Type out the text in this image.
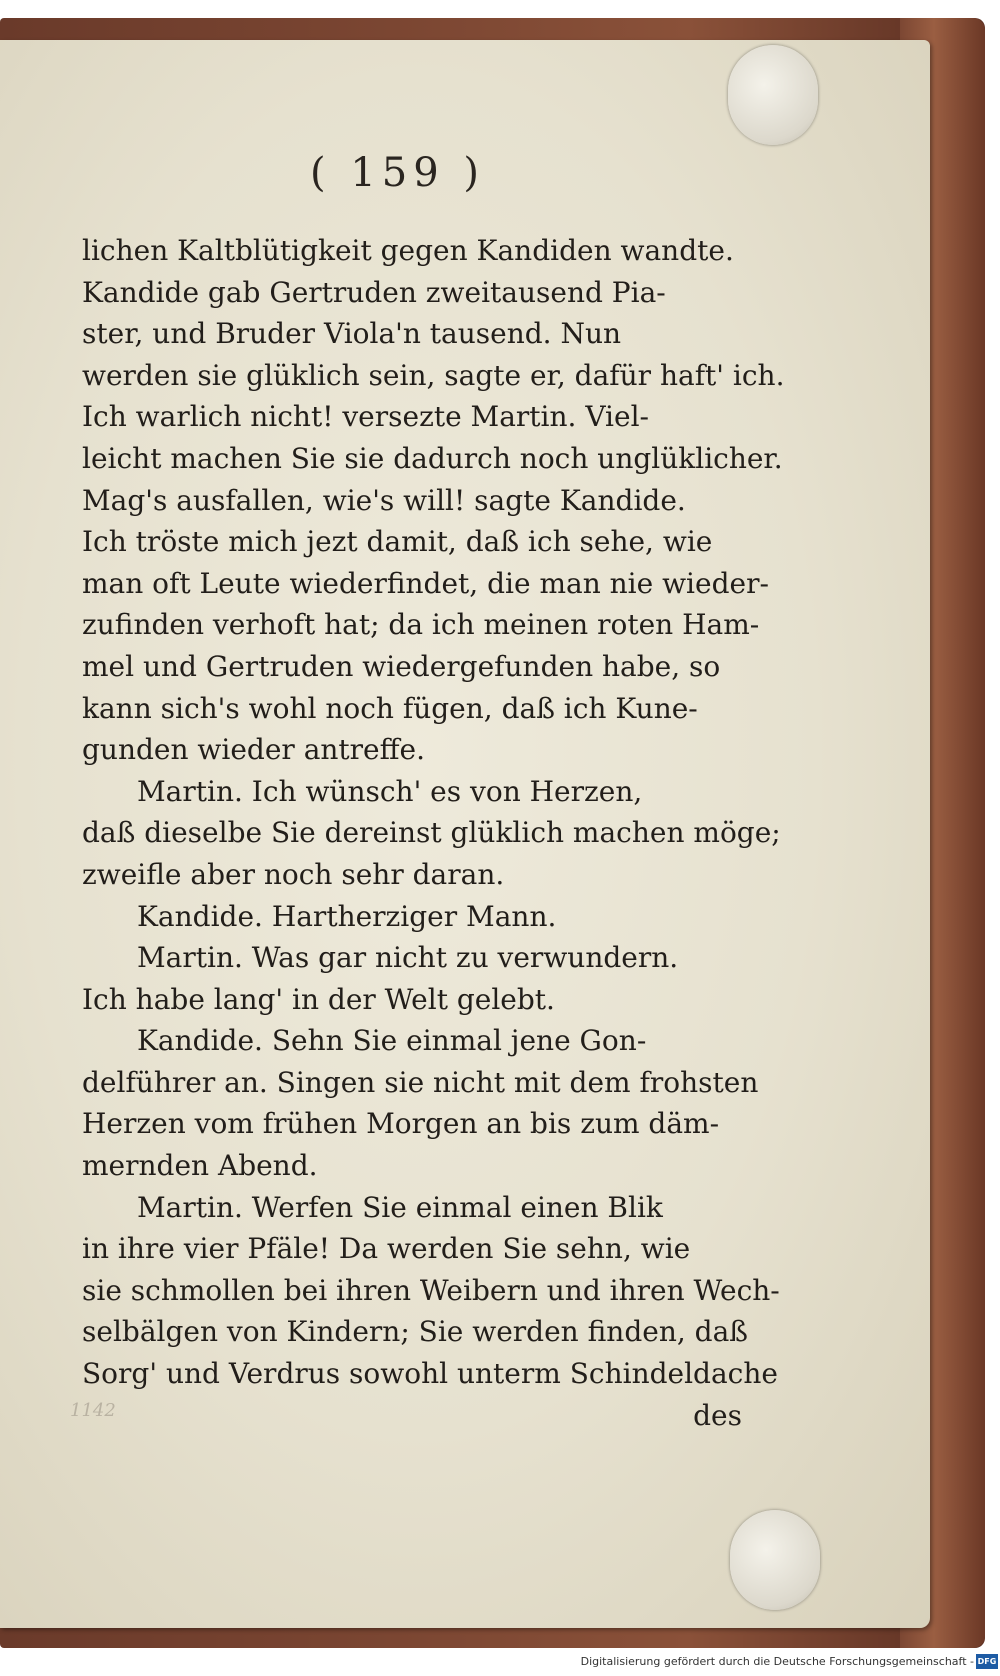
( 159 )
lichen Kaltblütigkeit gegen Kandiden wandte.
Kandide gab Gertruden zweitausend Pia-
ster, und Bruder Viola'n tausend. Nun
werden sie glüklich sein, sagte er, dafür haft' ich.
Ich warlich nicht! versezte Martin. Viel-
leicht machen Sie sie dadurch noch unglüklicher.
Mag's ausfallen, wie's will! sagte Kandide.
Ich tröste mich jezt damit, daß ich sehe, wie
man oft Leute wiederfindet, die man nie wieder-
zufinden verhoft hat; da ich meinen roten Ham-
mel und Gertruden wiedergefunden habe, so
kann sich's wohl noch fügen, daß ich Kune-
gunden wieder antreffe.
Martin. Ich wünsch' es von Herzen,
daß dieselbe Sie dereinst glüklich machen möge;
zweifle aber noch sehr daran.
Kandide. Hartherziger Mann.
Martin. Was gar nicht zu verwundern.
Ich habe lang' in der Welt gelebt.
Kandide. Sehn Sie einmal jene Gon-
delführer an. Singen sie nicht mit dem frohsten
Herzen vom frühen Morgen an bis zum däm-
mernden Abend.
Martin. Werfen Sie einmal einen Blik
in ihre vier Pfäle! Da werden Sie sehn, wie
sie schmollen bei ihren Weibern und ihren Wech-
selbälgen von Kindern; Sie werden finden, daß
Sorg' und Verdrus sowohl unterm Schindeldache
des
1142
Digitalisierung gefördert durch die Deutsche Forschungsgemeinschaft - DFG
